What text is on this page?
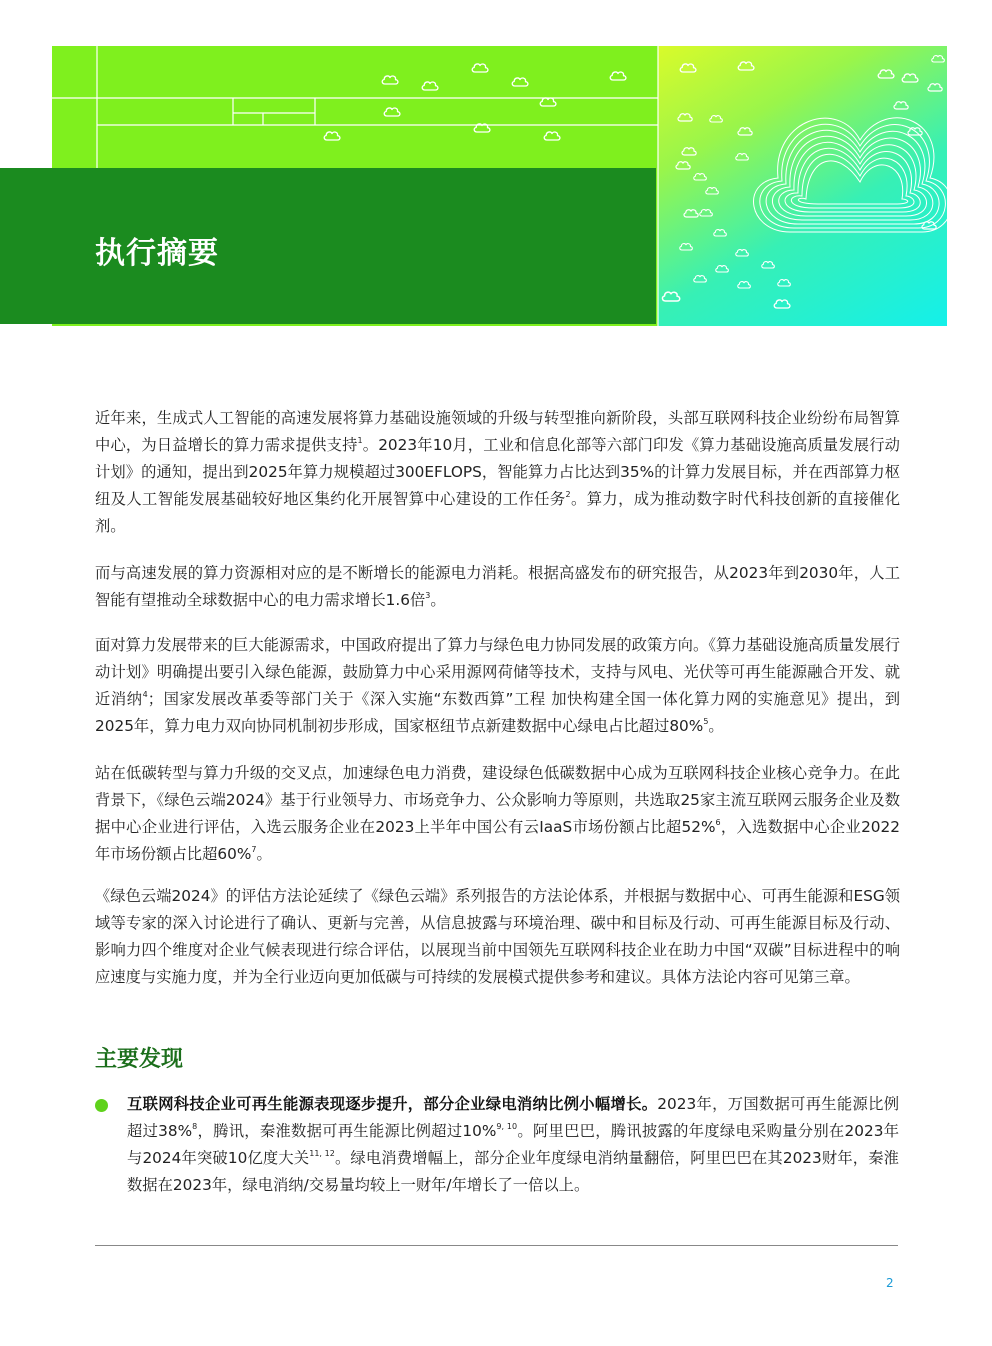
执行摘要
近年来，生成式人工智能的高速发展将算力基础设施领域的升级与转型推向新阶段，头部互联网科技企业纷纷布局智算中心，为日益增长的算力需求提供支持$^1$。2023年10月，工业和信息化部等六部门印发《算力基础设施高质量发展行动计划》的通知，提出到2025年算力规模超过300EFLOPS，智能算力占比达到35%的计算力发展目标，并在西部算力枢纽及人工智能发展基础较好地区集约化开展智算中心建设的工作任务$^2$。算力，成为推动数字时代科技创新的直接催化剂。
而与高速发展的算力资源相对应的是不断增长的能源电力消耗。根据高盛发布的研究报告，从2023年到2030年，人工智能有望推动全球数据中心的电力需求增长1.6倍$^3$。
面对算力发展带来的巨大能源需求，中国政府提出了算力与绿色电力协同发展的政策方向。《算力基础设施高质量发展行动计划》明确提出要引入绿色能源，鼓励算力中心采用源网荷储等技术，支持与风电、光伏等可再生能源融合开发、就近消纳$^4$；国家发展改革委等部门关于《深入实施“东数西算”工程 加快构建全国一体化算力网的实施意见》提出，到2025年，算力电力双向协同机制初步形成，国家枢纽节点新建数据中心绿电占比超过80%$^5$。
站在低碳转型与算力升级的交叉点，加速绿色电力消费，建设绿色低碳数据中心成为互联网科技企业核心竞争力。在此背景下，《绿色云端2024》基于行业领导力、市场竞争力、公众影响力等原则，共选取25家主流互联网云服务企业及数据中心企业进行评估，入选云服务企业在2023上半年中国公有云IaaS市场份额占比超52%$^6$，入选数据中心企业2022年市场份额占比超60%$^7$。
《绿色云端2024》的评估方法论延续了《绿色云端》系列报告的方法论体系，并根据与数据中心、可再生能源和ESG领域等专家的深入讨论进行了确认、更新与完善，从信息披露与环境治理、碳中和目标及行动、可再生能源目标及行动、影响力四个维度对企业气候表现进行综合评估，以展现当前中国领先互联网科技企业在助力中国“双碳”目标进程中的响应速度与实施力度，并为全行业迈向更加低碳与可持续的发展模式提供参考和建议。具体方法论内容可见第三章。
主要发现
互联网科技企业可再生能源表现逐步提升，部分企业绿电消纳比例小幅增长。2023年，万国数据可再生能源比例超过38%$^8$，腾讯，秦淮数据可再生能源比例超过10%$^{9, 10}$。阿里巴巴，腾讯披露的年度绿电采购量分别在2023年与2024年突破10亿度大关$^{11, 12}$。绿电消费增幅上，部分企业年度绿电消纳量翻倍，阿里巴巴在其2023财年，秦淮数据在2023年，绿电消纳/交易量均较上一财年/年增长了一倍以上。
2
